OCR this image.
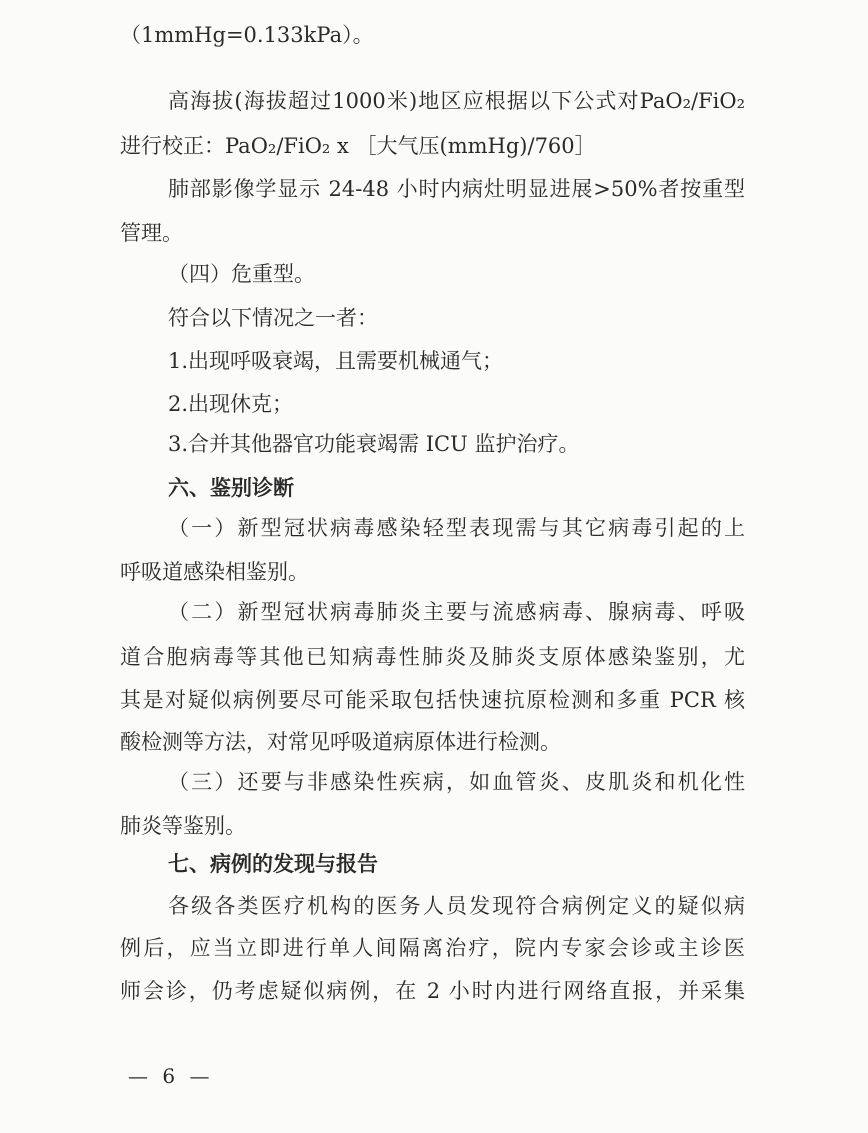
（1mmHg=0.133kPa）。
高海拔(海拔超过1000米)地区应根据以下公式对PaO₂/FiO₂
进行校正：PaO₂/FiO₂ x ［大气压(mmHg)/760］
肺部影像学显示 24-48 小时内病灶明显进展>50%者按重型
管理。
（四）危重型。
符合以下情况之一者：
1.出现呼吸衰竭，且需要机械通气；
2.出现休克；
3.合并其他器官功能衰竭需 ICU 监护治疗。
六、鉴别诊断
（一）新型冠状病毒感染轻型表现需与其它病毒引起的上
呼吸道感染相鉴别。
（二）新型冠状病毒肺炎主要与流感病毒、腺病毒、呼吸
道合胞病毒等其他已知病毒性肺炎及肺炎支原体感染鉴别，尤
其是对疑似病例要尽可能采取包括快速抗原检测和多重 PCR 核
酸检测等方法，对常见呼吸道病原体进行检测。
（三）还要与非感染性疾病，如血管炎、皮肌炎和机化性
肺炎等鉴别。
七、病例的发现与报告
各级各类医疗机构的医务人员发现符合病例定义的疑似病
例后，应当立即进行单人间隔离治疗，院内专家会诊或主诊医
师会诊，仍考虑疑似病例，在 2 小时内进行网络直报，并采集
— 6 —
